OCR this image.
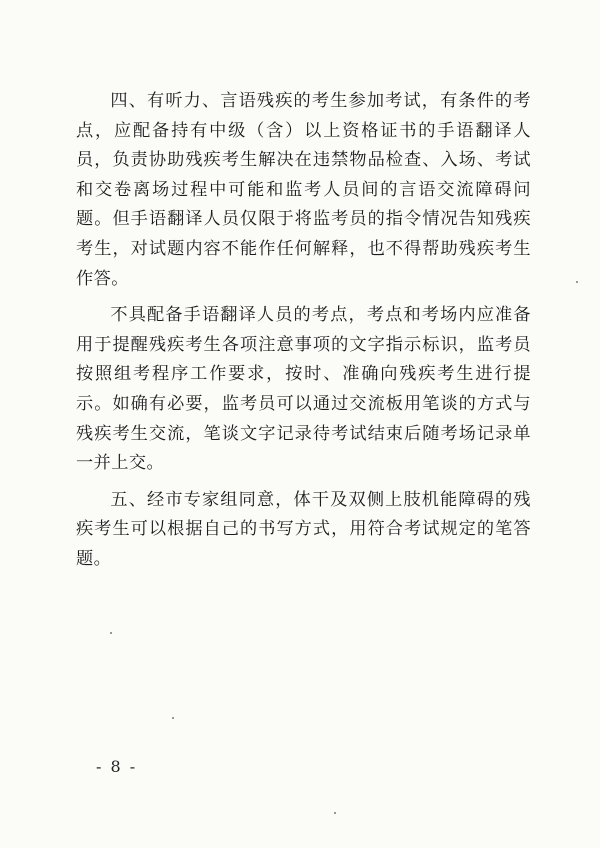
四、有听力、言语残疾的考生参加考试，有条件的考点，应配备持有中级（含）以上资格证书的手语翻译人员，负责协助残疾考生解决在违禁物品检查、入场、考试和交卷离场过程中可能和监考人员间的言语交流障碍问题。但手语翻译人员仅限于将监考员的指令情况告知残疾考生，对试题内容不能作任何解释，也不得帮助残疾考生作答。

不具配备手语翻译人员的考点，考点和考场内应准备用于提醒残疾考生各项注意事项的文字指示标识，监考员按照组考程序工作要求，按时、准确向残疾考生进行提示。如确有必要，监考员可以通过交流板用笔谈的方式与残疾考生交流，笔谈文字记录待考试结束后随考场记录单一并上交。

五、经市专家组同意，体干及双侧上肢机能障碍的残疾考生可以根据自己的书写方式，用符合考试规定的笔答题。

- 8 -
